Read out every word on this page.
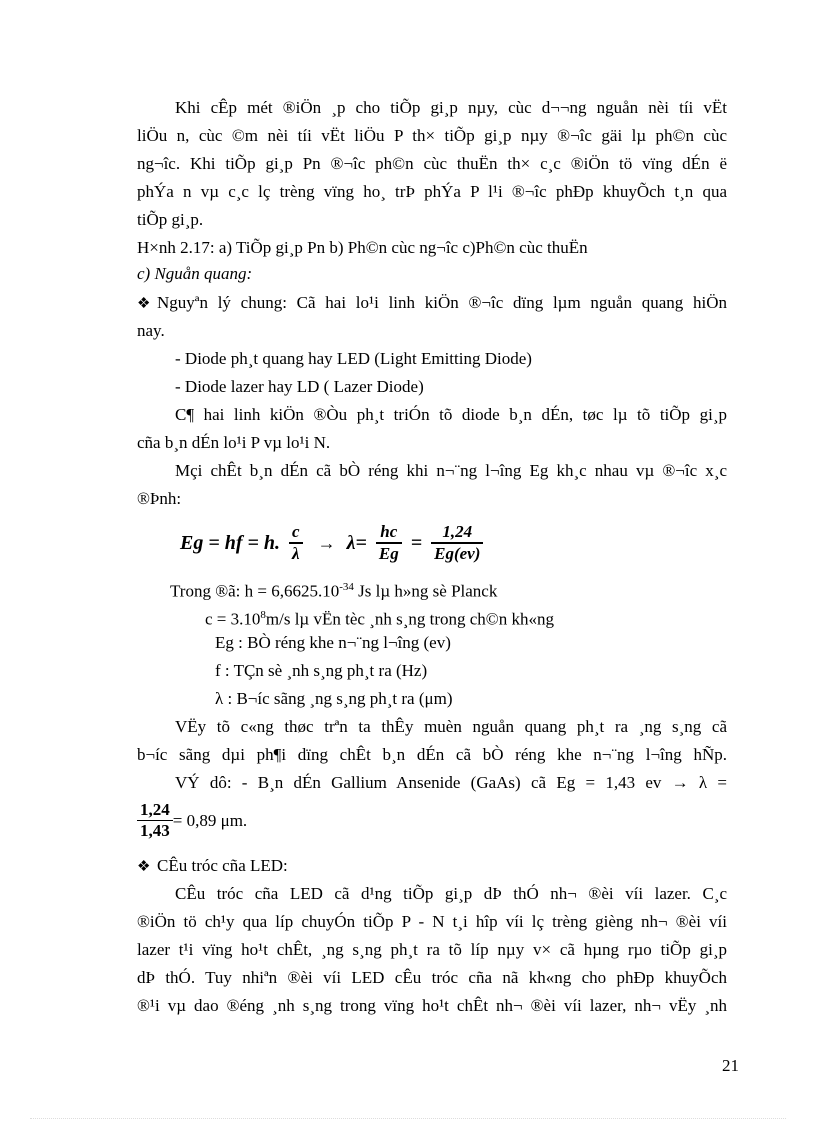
Khi cÊp mét ®iÖn ¸p cho tiÕp gi¸p nµy, cùc d¬¬ng nguån nèi tíi vËt
liÖu n, cùc ©m nèi tíi vËt liÖu P th× tiÕp gi¸p nµy ®¬îc gäi lµ ph©n cùc
ng¬îc. Khi tiÕp gi¸p Pn ®¬îc ph©n cùc thuËn th× c¸c ®iÖn tö vïng dÉn ë
phÝa n vµ c¸c lç trèng vïng ho¸ trÞ phÝa P l¹i ®¬îc phÐp khuyÕch t¸n qua
tiÕp gi¸p.
H×nh 2.17: a) TiÕp gi¸p Pn b) Ph©n cùc ng¬îc c)Ph©n cùc thuËn
c) Nguån quang:
❖ Nguyªn lý chung: Cã hai lo¹i linh kiÖn ®¬îc dïng lµm nguån quang hiÖn
nay.
- Diode ph¸t quang hay LED (Light Emitting Diode)
- Diode lazer hay LD ( Lazer Diode)
C¶ hai linh kiÖn ®Òu ph¸t triÓn tõ diode b¸n dÉn, tøc lµ tõ tiÕp gi¸p
cña b¸n dÉn lo¹i P vµ lo¹i N.
Mçi chÊt b¸n dÉn cã bÒ réng khi n¬¨ng l¬îng Eg kh¸c nhau vµ ®¬îc x¸c
®Þnh:
Eg = hf = h. $\frac{c}{\lambda} \to \lambda= \frac{hc}{Eg} = \frac{1,24}{Eg(ev)}$
Trong ®ã: $h = 6,6625.10^{-34}$ Js lµ h»ng sè Planck
$c = 3.10^8m/s$ lµ vËn tèc ¸nh s¸ng trong ch©n kh«ng
Eg : BÒ réng khe n¬¨ng l¬îng (ev)
f : TÇn sè ¸nh s¸ng ph¸t ra (Hz)
λ : B¬íc sãng ¸ng s¸ng ph¸t ra (μm)
VËy tõ c«ng thøc trªn ta thÊy muèn nguån quang ph¸t ra ¸ng s¸ng cã
b¬íc sãng dµi ph¶i dïng chÊt b¸n dÉn cã bÒ réng khe n¬¨ng l¬îng hÑp.
VÝ dô: - B¸n dÉn Gallium Ansenide (GaAs) cã Eg = 1,43 ev → λ =
$\frac{1,24}{1,43} = 0,89$ μm.
❖ CÊu tróc cña LED:
CÊu tróc cña LED cã d¹ng tiÕp gi¸p dÞ thÓ nh¬ ®èi víi lazer. C¸c
®iÖn tö ch¹y qua líp chuyÓn tiÕp P - N t¸i hîp víi lç trèng gièng nh¬ ®èi víi
lazer t¹i vïng ho¹t chÊt, ¸ng s¸ng ph¸t ra tõ líp nµy v× cã hµng rµo tiÕp gi¸p
dÞ thÓ. Tuy nhiªn ®èi víi LED cÊu tróc cña nã kh«ng cho phÐp khuyÕch
®¹i vµ dao ®éng ¸nh s¸ng trong vïng ho¹t chÊt nh¬ ®èi víi lazer, nh¬ vËy ¸nh
21
